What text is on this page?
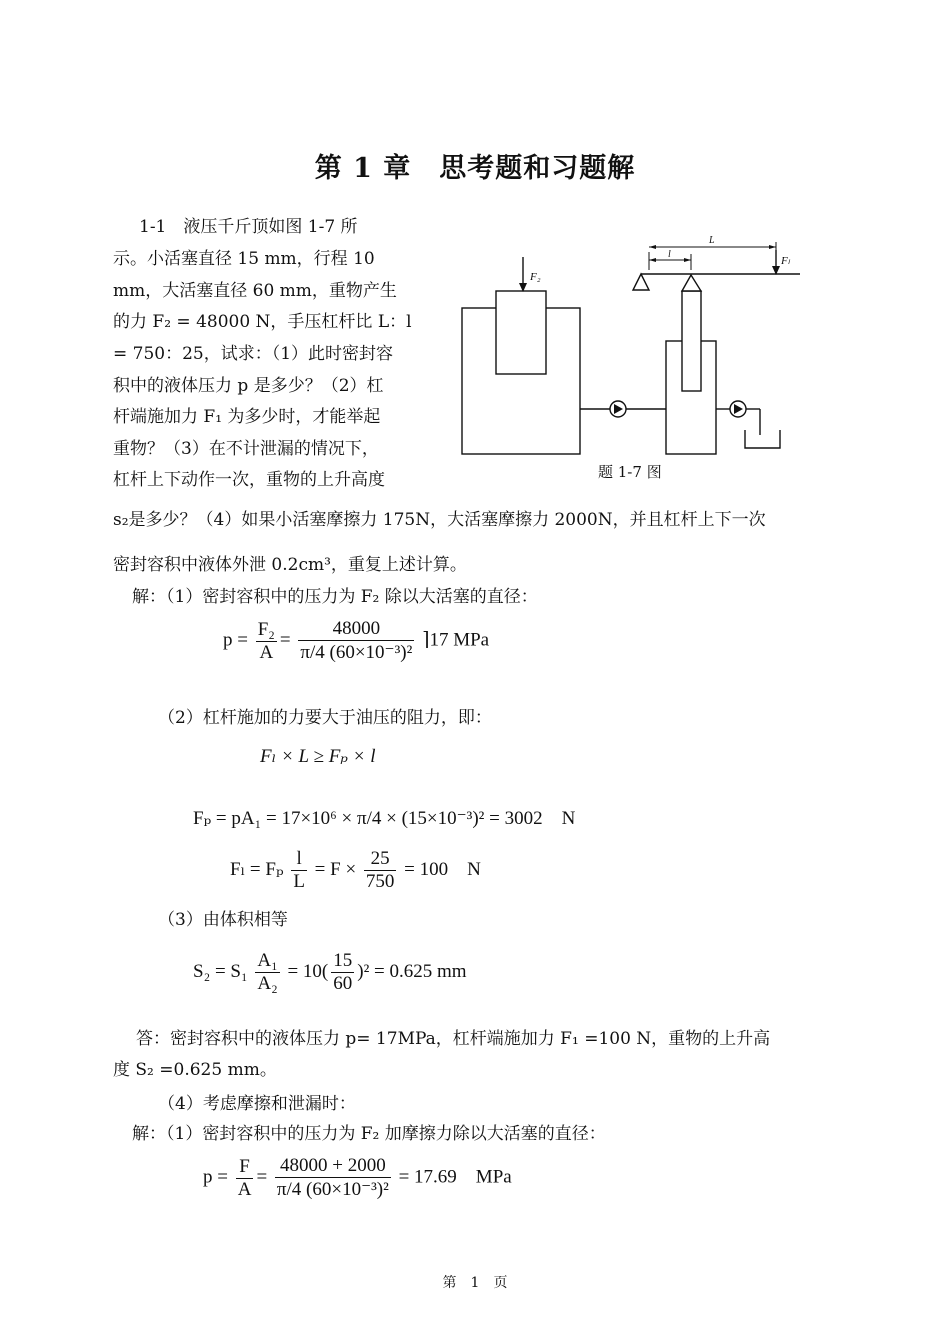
第 1 章　思考题和习题解
1-1　液压千斤顶如图 1-7 所
示。小活塞直径 15 mm，行程 10
mm，大活塞直径 60 mm，重物产生
的力 F₂ = 48000 N，手压杠杆比 L：l
= 750：25，试求：（1）此时密封容
积中的液体压力 p 是多少？（2）杠
杆端施加力 F₁ 为多少时，才能举起
重物？（3）在不计泄漏的情况下，
杠杆上下动作一次，重物的上升高度
s₂是多少？（4）如果小活塞摩擦力 175N，大活塞摩擦力 2000N，并且杠杆上下一次
密封容积中液体外泄 0.2cm³，重复上述计算。
F₂
L
l
Fₗ
题 1-7 图
解：（1）密封容积中的压力为 F₂ 除以大活塞的直径：
$p = \frac{\text{F₂}}{A} = \frac{48000}{\text{π/4 (60×10⁻³)²}}$ ⌉17 MPa
（2）杠杆施加的力要大于油压的阻力，即：
Fₗ × L ≥ Fₚ × l
Fₚ = pA₁ = 17×10⁶ × π/4 × (15×10⁻³)² = 3002　N
Fₗ = Fₚ $\frac{l}{L} = F \times \frac{25}{750} = 100$　N
（3）由体积相等
$S_2 = S_1 \frac{\text{A₁}}{\text{A₂}} = 10( \frac{15}{60} )^2 = 0.625$ mm
答：密封容积中的液体压力 p= 17MPa，杠杆端施加力 F₁ =100 N，重物的上升高
度 S₂ =0.625 mm。
（4）考虑摩擦和泄漏时：
解：（1）密封容积中的压力为 F₂ 加摩擦力除以大活塞的直径：
$p = \frac{F}{A} = \frac{48000 + 2000}{\text{π/4 (60×10⁻³)²}} = 17.69$　MPa
第　1　页
